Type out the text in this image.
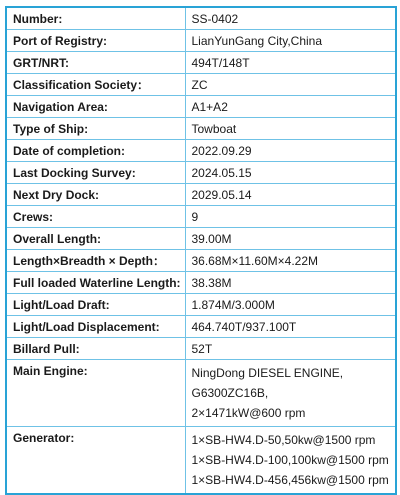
Number:	SS-0402
Port of Registry:	LianYunGang City,China
GRT/NRT:	494T/148T
Classification Society：	ZC
Navigation Area:	A1+A2
Type of Ship:	Towboat
Date of completion:	2022.09.29
Last Docking Survey:	2024.05.15
Next Dry Dock:	2029.05.14
Crews:	9
Overall Length:	39.00M
Length×Breadth × Depth：	36.68M×11.60M×4.22M
Full loaded Waterline Length:	38.38M
Light/Load Draft:	1.874M/3.000M
Light/Load Displacement:	464.740T/937.100T
Billard Pull:	52T
Main Engine:	NingDong DIESEL ENGINE,
G6300ZC16B,
2×1471kW@600 rpm

Generator:	1×SB-HW4.D-50,50kw@1500 rpm
1×SB-HW4.D-100,100kw@1500 rpm
1×SB-HW4.D-456,456kw@1500 rpm
